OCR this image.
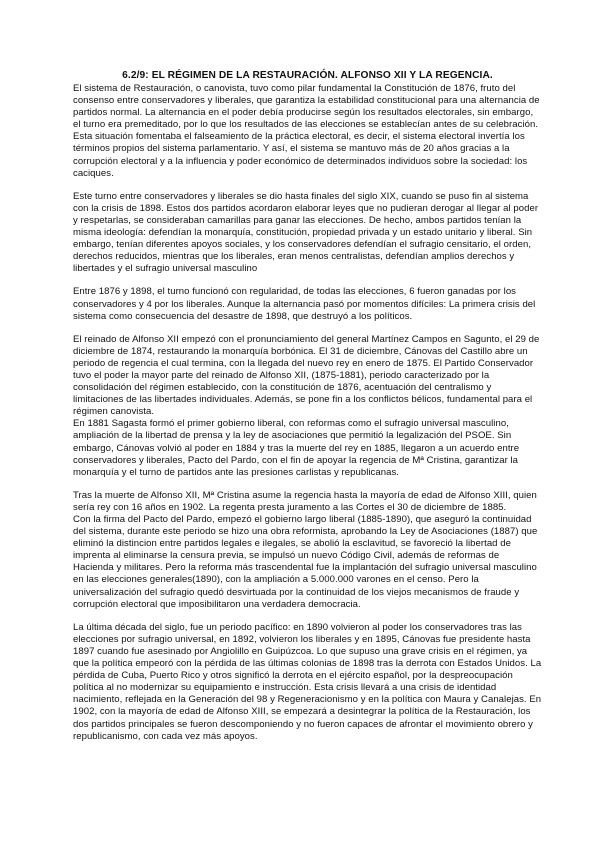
6.2/9: EL RÉGIMEN DE LA RESTAURACIÓN. ALFONSO XII Y LA REGENCIA.

El sistema de Restauración, o canovista, tuvo como pilar fundamental la Constitución de 1876, fruto del consenso entre conservadores y liberales, que garantiza la estabilidad constitucional para una alternancia de partidos normal. La alternancia en el poder debía producirse según los resultados electorales, sin embargo, el turno era premeditado, por lo que los resultados de las elecciones se establecían antes de su celebración. Esta situación fomentaba el falseamiento de la práctica electoral, es decir, el sistema electoral invertía los términos propios del sistema parlamentario. Y así, el sistema se mantuvo más de 20 años gracias a la corrupción electoral y a la influencia y poder económico de determinados individuos sobre la sociedad: los caciques.

Este turno entre conservadores y liberales se dio hasta finales del siglo XIX, cuando se puso fin al sistema con la crisis de 1898. Estos dos partidos acordaron elaborar leyes que no pudieran derogar al llegar al poder y respetarlas, se consideraban camarillas para ganar las elecciones. De hecho, ambos partidos tenían la misma ideología: defendían la monarquía, constitución, propiedad privada y un estado unitario y liberal. Sin embargo, tenían diferentes apoyos sociales, y los conservadores defendían el sufragio censitario, el orden, derechos reducidos, mientras que los liberales, eran menos centralistas, defendían amplios derechos y libertades y el sufragio universal masculino

Entre 1876 y 1898, el turno funcionó con regularidad, de todas las elecciones, 6 fueron ganadas por los conservadores y 4 por los liberales. Aunque la alternancia pasó por momentos difíciles: La primera crisis del sistema como consecuencia del desastre de 1898, que destruyó a los políticos.

El reinado de Alfonso XII empezó con el pronunciamiento del general Martínez Campos en Sagunto, el 29 de diciembre de 1874, restaurando la monarquía borbónica. El 31 de diciembre, Cánovas del Castillo abre un periodo de regencia el cual termina, con la llegada del nuevo rey en enero de 1875. El Partido Conservador tuvo el poder la mayor parte del reinado de Alfonso XII, (1875-1881), periodo caracterizado por la consolidación del régimen establecido, con la constitución de 1876, acentuación del centralismo y limitaciones de las libertades individuales. Además, se pone fin a los conflictos bélicos, fundamental para el régimen canovista.

En 1881 Sagasta formó el primer gobierno liberal, con reformas como el sufragio universal masculino, ampliación de la libertad de prensa y la ley de asociaciones que permitió la legalización del PSOE. Sin embargo, Cánovas volvió al poder en 1884 y tras la muerte del rey en 1885, llegaron a un acuerdo entre conservadores y liberales, Pacto del Pardo, con el fin de apoyar la regencia de Mª Cristina, garantizar la monarquía y el turno de partidos ante las presiones carlistas y republicanas.

Tras la muerte de Alfonso XII, Mª Cristina asume la regencia hasta la mayoría de edad de Alfonso XIII, quien sería rey con 16 años en 1902. La regenta presta juramento a las Cortes el 30 de diciembre de 1885.

Con la firma del Pacto del Pardo, empezó el gobierno largo liberal (1885-1890), que aseguró la continuidad del sistema, durante este periodo se hizo una obra reformista, aprobando la Ley de Asociaciones (1887) que eliminó la distincion entre partidos legales e ilegales, se abolió la esclavitud, se favoreció la libertad de imprenta al eliminarse la censura previa, se impulsó un nuevo Código Civil, además de reformas de Hacienda y militares. Pero la reforma más trascendental fue la implantación del sufragio universal masculino en las elecciones generales(1890), con la ampliación a 5.000.000 varones en el censo. Pero la universalización del sufragio quedó desvirtuada por la continuidad de los viejos mecanismos de fraude y corrupción electoral que imposibilitaron una verdadera democracia.

La última década del siglo, fue un periodo pacífico: en 1890 volvieron al poder los conservadores tras las elecciones por sufragio universal, en 1892, volvieron los liberales y en 1895, Cánovas fue presidente hasta 1897 cuando fue asesinado por Angiolillo en Guipúzcoa. Lo que supuso una grave crisis en el régimen, ya que la política empeoró con la pérdida de las últimas colonias de 1898 tras la derrota con Estados Unidos. La pérdida de Cuba, Puerto Rico y otros significó la derrota en el ejército español, por la despreocupación política al no modernizar su equipamiento e instrucción. Esta crisis llevará a una crisis de identidad nacimiento, reflejada en la Generación del 98 y Regeneracionismo y en la política con Maura y Canalejas. En 1902, con la mayoría de edad de Alfonso XIII, se empezará a desintegrar la política de la Restauración, los dos partidos principales se fueron descomponiendo y no fueron capaces de afrontar el movimiento obrero y republicanismo, con cada vez más apoyos.
